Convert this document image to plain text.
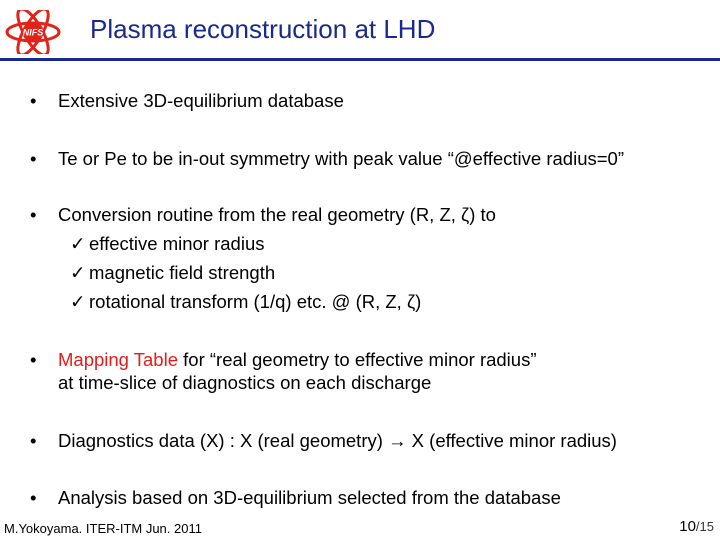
NIFS Plasma reconstruction at LHD
• Extensive 3D-equilibrium database
• Te or Pe to be in-out symmetry with peak value “@effective radius=0”
• Conversion routine from the real geometry (R, Z, ζ) to
✓ effective minor radius
✓ magnetic field strength
✓ rotational transform (1/q) etc. @ (R, Z, ζ)
• Mapping Table for “real geometry to effective minor radius”
at time-slice of diagnostics on each discharge
• Diagnostics data (X) : X (real geometry) → X (effective minor radius)
• Analysis based on 3D-equilibrium selected from the database
M.Yokoyama. ITER-ITM Jun. 2011	10/15
